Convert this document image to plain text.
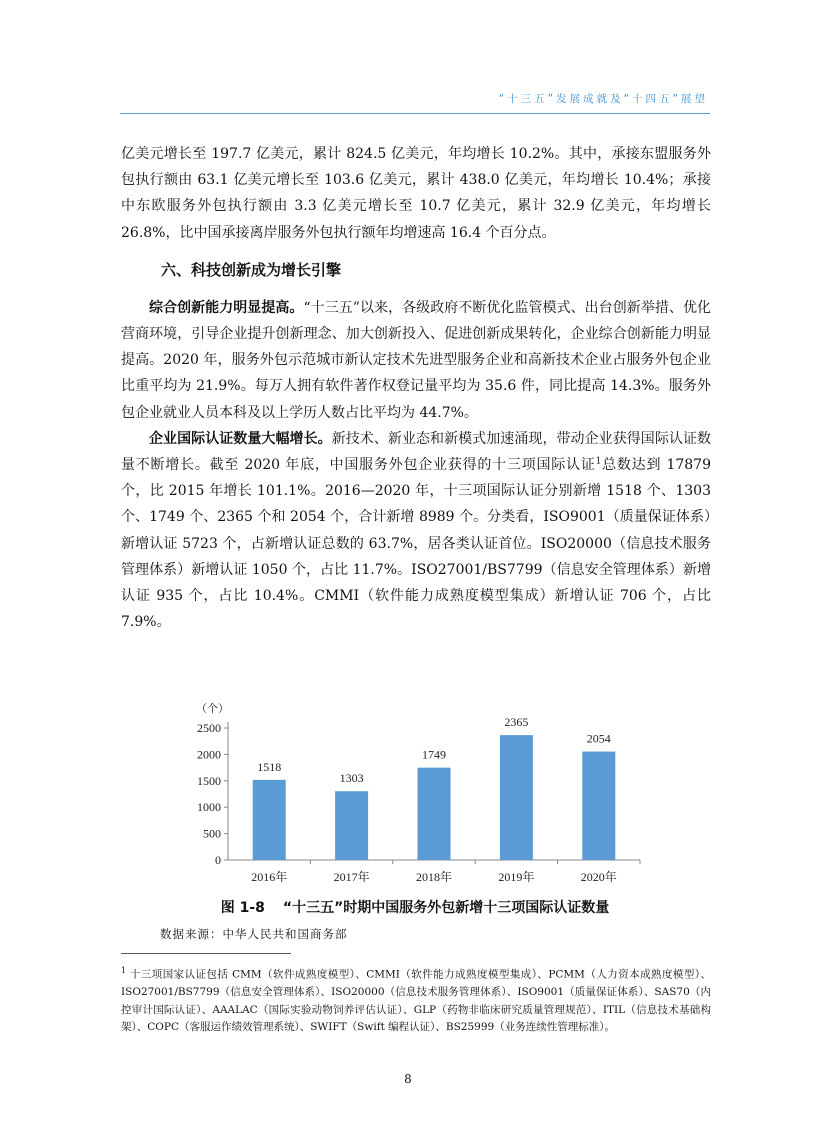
“十三五”发展成就及“十四五”展望

亿美元增长至 197.7 亿美元，累计 824.5 亿美元，年均增长 10.2%。其中，承接东盟服务外包执行额由 63.1 亿美元增长至 103.6 亿美元，累计 438.0 亿美元，年均增长 10.4%；承接中东欧服务外包执行额由 3.3 亿美元增长至 10.7 亿美元，累计 32.9 亿美元，年均增长 26.8%，比中国承接离岸服务外包执行额年均增速高 16.4 个百分点。

六、科技创新成为增长引擎

综合创新能力明显提高。“十三五”以来，各级政府不断优化监管模式、出台创新举措、优化营商环境，引导企业提升创新理念、加大创新投入、促进创新成果转化，企业综合创新能力明显提高。2020 年，服务外包示范城市新认定技术先进型服务企业和高新技术企业占服务外包企业比重平均为 21.9%。每万人拥有软件著作权登记量平均为 35.6 件，同比提高 14.3%。服务外包企业就业人员本科及以上学历人数占比平均为 44.7%。

企业国际认证数量大幅增长。新技术、新业态和新模式加速涌现，带动企业获得国际认证数量不断增长。截至 2020 年底，中国服务外包企业获得的十三项国际认证$^1$总数达到 17879 个，比 2015 年增长 101.1%。2016—2020 年，十三项国际认证分别新增 1518 个、1303 个、1749 个、2365 个和 2054 个，合计新增 8989 个。分类看，ISO9001（质量保证体系）新增认证 5723 个，占新增认证总数的 63.7%，居各类认证首位。ISO20000（信息技术服务管理体系）新增认证 1050 个，占比 11.7%。ISO27001/BS7799（信息安全管理体系）新增认证 935 个，占比 10.4%。CMMI（软件能力成熟度模型集成）新增认证 706 个，占比 7.9%。

（个）
0
500
1000
1500
2000
2500
1518
2016年
1303
2017年
1749
2018年
2365
2019年
2054
2020年
图 1-8 “十三五”时期中国服务外包新增十三项国际认证数量
数据来源：中华人民共和国商务部
$^1$ 十三项国家认证包括 CMM（软件成熟度模型）、CMMI（软件能力成熟度模型集成）、PCMM（人力资本成熟度模型）、ISO27001/BS7799（信息安全管理体系）、ISO20000（信息技术服务管理体系）、ISO9001（质量保证体系）、SAS70（内控审计国际认证）、AAALAC（国际实验动物饲养评估认证）、GLP（药物非临床研究质量管理规范）、ITIL（信息技术基础构架）、COPC（客服运作绩效管理系统）、SWIFT（Swift 编程认证）、BS25999（业务连续性管理标准）。
8
